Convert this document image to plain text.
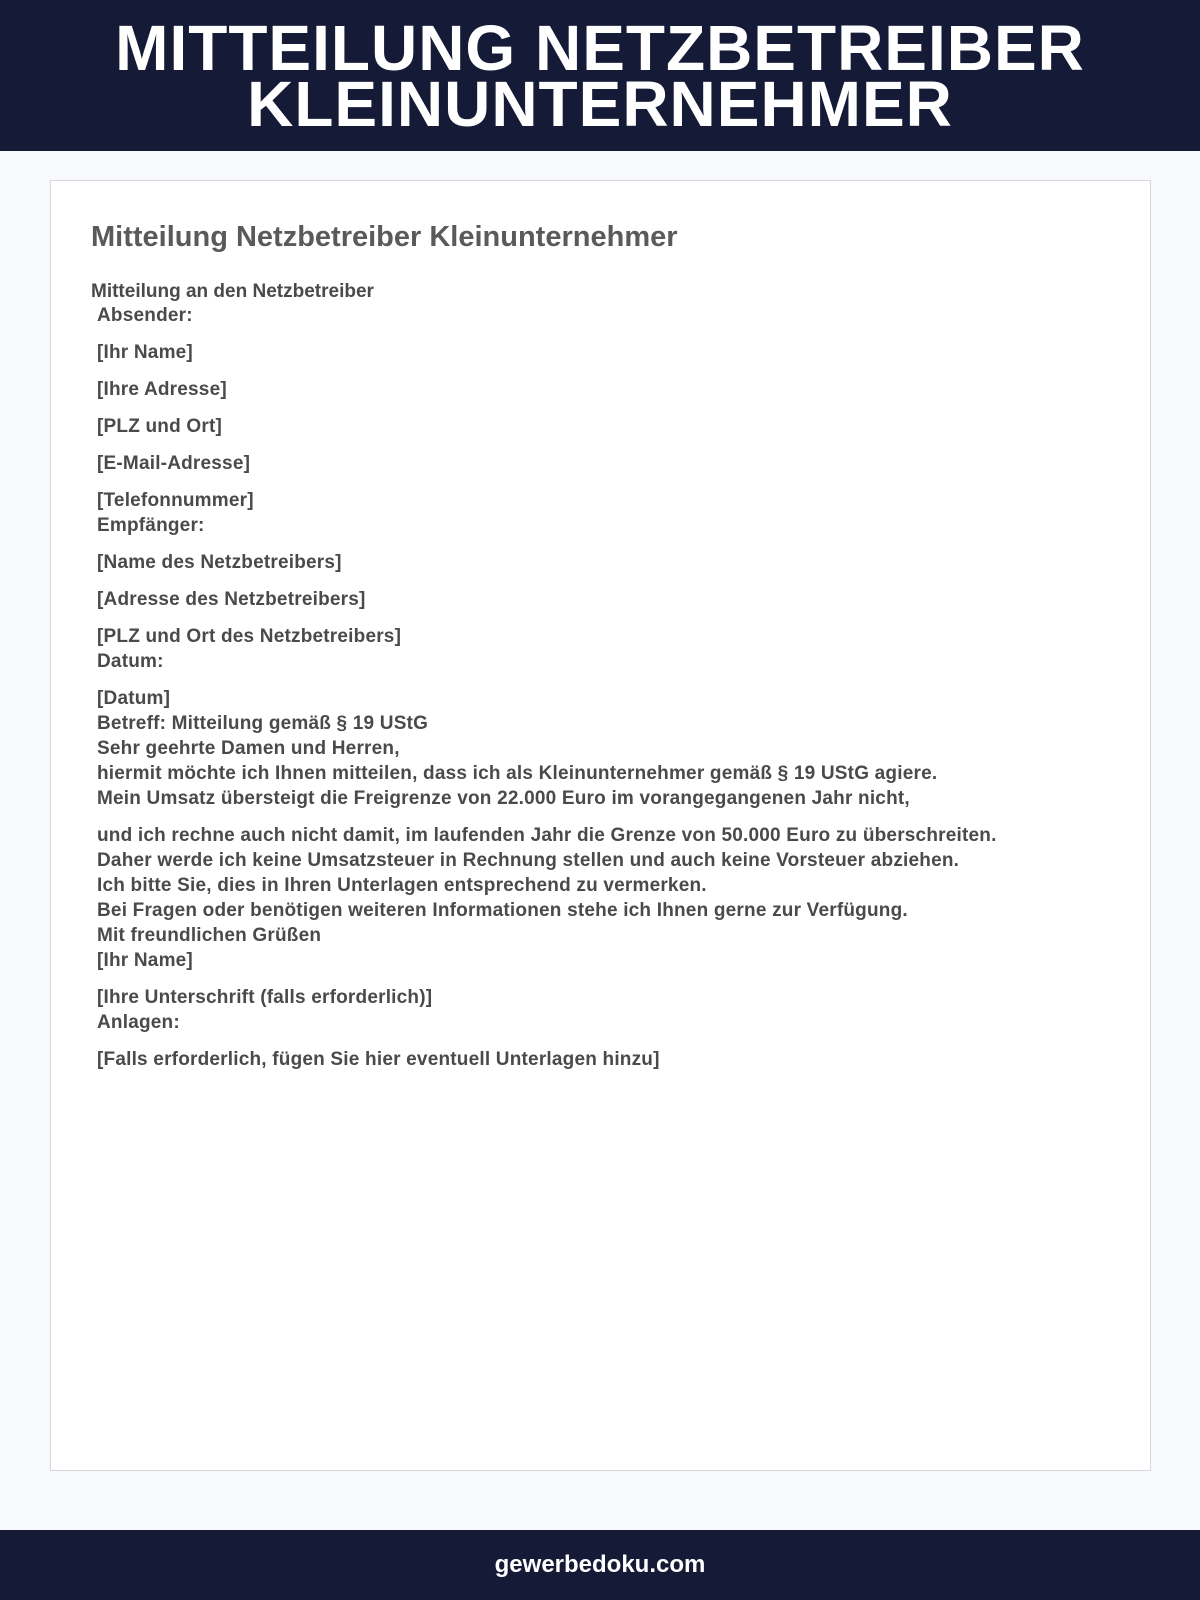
MITTEILUNG NETZBETREIBER
KLEINUNTERNEHMER
Mitteilung Netzbetreiber Kleinunternehmer
Mitteilung an den Netzbetreiber
Absender:
[Ihr Name]
[Ihre Adresse]
[PLZ und Ort]
[E-Mail-Adresse]
[Telefonnummer]
Empfänger:
[Name des Netzbetreibers]
[Adresse des Netzbetreibers]
[PLZ und Ort des Netzbetreibers]
Datum:
[Datum]
Betreff: Mitteilung gemäß § 19 UStG
Sehr geehrte Damen und Herren,
hiermit möchte ich Ihnen mitteilen, dass ich als Kleinunternehmer gemäß § 19 UStG agiere.
Mein Umsatz übersteigt die Freigrenze von 22.000 Euro im vorangegangenen Jahr nicht,
und ich rechne auch nicht damit, im laufenden Jahr die Grenze von 50.000 Euro zu überschreiten.
Daher werde ich keine Umsatzsteuer in Rechnung stellen und auch keine Vorsteuer abziehen.
Ich bitte Sie, dies in Ihren Unterlagen entsprechend zu vermerken.
Bei Fragen oder benötigen weiteren Informationen stehe ich Ihnen gerne zur Verfügung.
Mit freundlichen Grüßen
[Ihr Name]
[Ihre Unterschrift (falls erforderlich)]
Anlagen:
[Falls erforderlich, fügen Sie hier eventuell Unterlagen hinzu]
gewerbedoku.com
